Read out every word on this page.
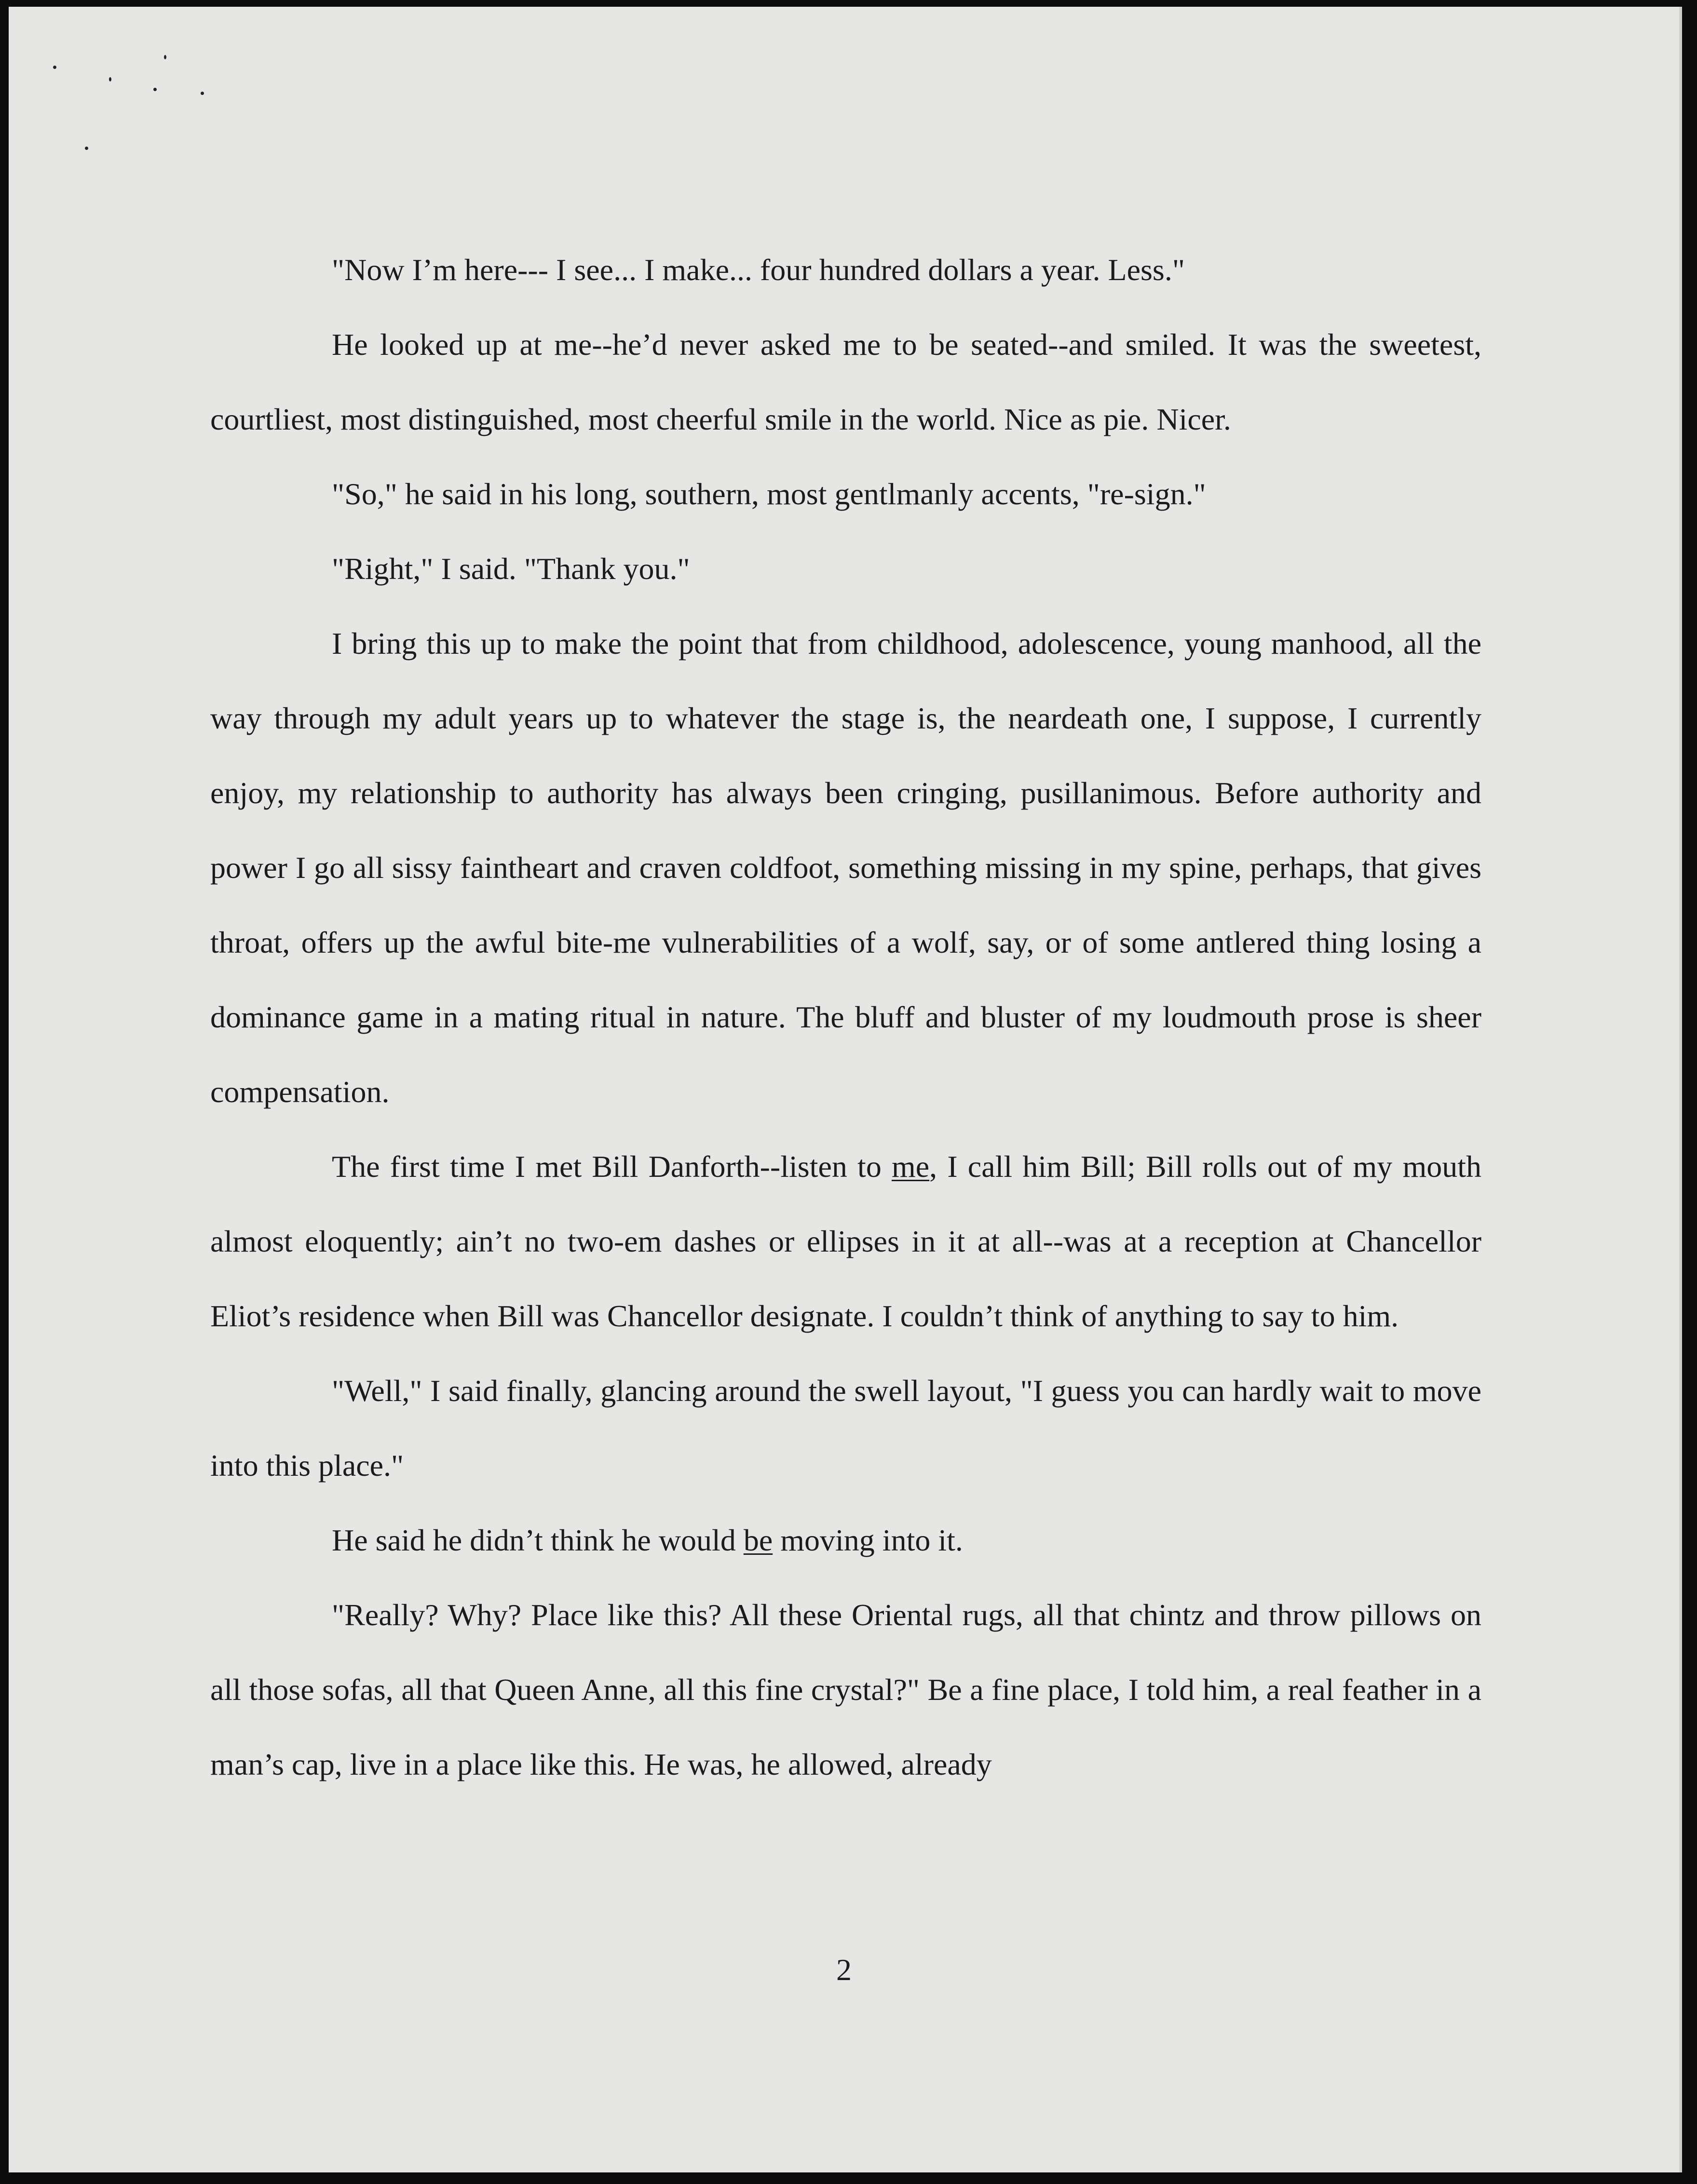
"Now I’m here--- I see... I make... four hundred dollars a year. Less."

He looked up at me--he’d never asked me to be seated--and smiled. It was the sweetest, courtliest, most distinguished, most cheerful smile in the world. Nice as pie. Nicer.

"So," he said in his long, southern, most gentlmanly accents, "re-sign."

"Right," I said. "Thank you."

I bring this up to make the point that from childhood, adolescence, young manhood, all the way through my adult years up to whatever the stage is, the neardeath one, I suppose, I currently enjoy, my relationship to authority has always been cringing, pusillanimous. Before authority and power I go all sissy faintheart and craven coldfoot, something missing in my spine, perhaps, that gives throat, offers up the awful bite-me vulnerabilities of a wolf, say, or of some antlered thing losing a dominance game in a mating ritual in nature. The bluff and bluster of my loudmouth prose is sheer compensation.

The first time I met Bill Danforth--listen to me, I call him Bill; Bill rolls out of my mouth almost eloquently; ain’t no two-em dashes or ellipses in it at all--was at a reception at Chancellor Eliot’s residence when Bill was Chancellor designate. I couldn’t think of anything to say to him.

"Well," I said finally, glancing around the swell layout, "I guess you can hardly wait to move into this place."

He said he didn’t think he would be moving into it.

"Really? Why? Place like this? All these Oriental rugs, all that chintz and throw pillows on all those sofas, all that Queen Anne, all this fine crystal?" Be a fine place, I told him, a real feather in a man’s cap, live in a place like this. He was, he allowed, already

2
